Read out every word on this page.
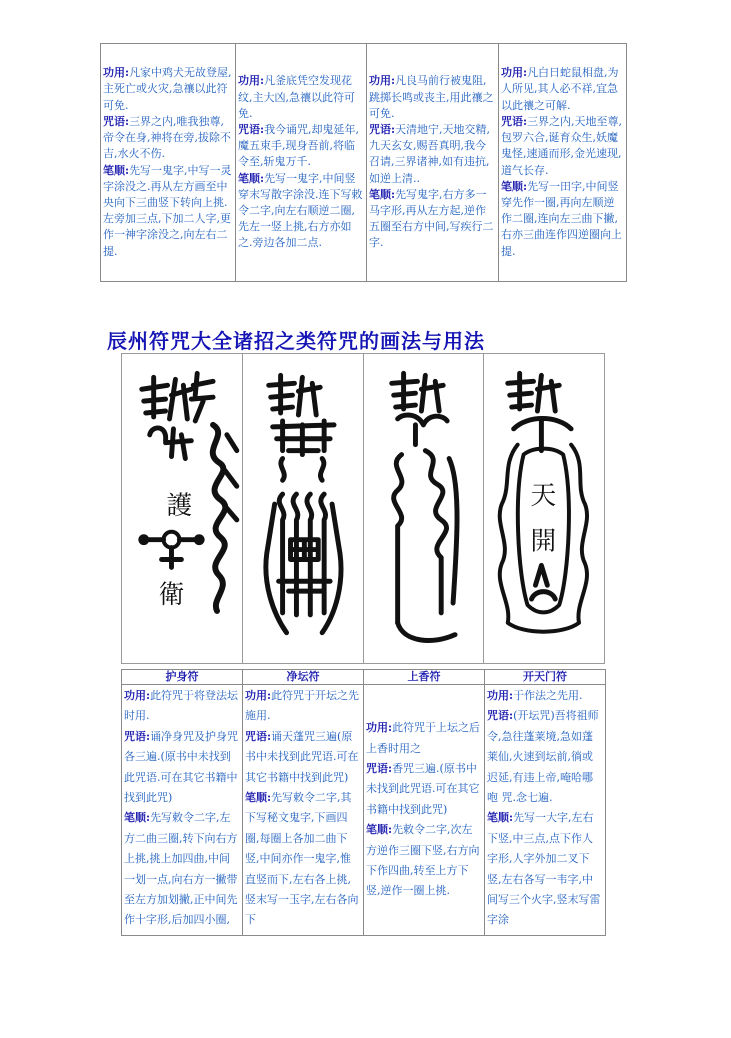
功用:凡家中鸡犬无故登屋,主死亡或火灾,急禳以此符可免.
咒语:三界之内,唯我独尊,帝令在身,神将在旁,拔除不吉,水火不伤.
笔顺:先写一鬼字,中写一灵字涂没之.再从左方画至中央向下三曲竖下转向上挑.左旁加三点,下加二人字,更作一神字涂没之,向左右二提.

功用:凡釜底凭空发现花纹,主大凶,急禳以此符可免.
咒语:我今诵咒,却鬼延年,魔五束手,现身吾前,将临令至,斩鬼万千.
笔顺:先写一鬼字,中间竖穿末写散字涂没.连下写敕令二字,向左右顺逆二圈,先左一竖上挑,右方亦如之.旁边各加二点.

功用:凡良马前行被鬼阻,跳掷长鸣或丧主,用此禳之可免.
咒语:天清地宁,天地交精,九天玄女,赐吾真明,我今召请,三界诸神,如有违抗,如逆上清..
笔顺:先写鬼字,右方多一马字形,再从左方起,逆作五圈至右方中间,写疾行二字.

功用:凡白日蛇鼠相盘,为人所见,其人必不祥,宜急以此禳之可解.
咒语:三界之内,天地至尊,包罗六合,诞育众生,妖魔鬼怪,速通而形,金光速现,道气长存.
笔顺:先写一田字,中间竖穿先作一圈,再向左顺逆作二圈,连向左三曲下撇,右亦三曲连作四逆圈向上提.
辰州符咒大全诸招之类符咒的画法与用法
護
衛
天
開
护身符	净坛符	上香符	开天门符

功用:此符咒于将登法坛时用.
咒语:诵净身咒及护身咒各三遍.(原书中未找到此咒语.可在其它书籍中找到此咒)
笔顺:先写敕令二字,左方二曲三圈,转下向右方上挑,挑上加四曲,中间一划一点,向右方一撇带至左方加划撇,正中间先作十字形,后加四小圈,	功用:此符咒于开坛之先施用.
咒语:诵天蓬咒三遍(原书中未找到此咒语.可在其它书籍中找到此咒)
笔顺:先写敕令二字,其下写秘文鬼字,下画四圈,每圈上各加二曲下竖,中间亦作一鬼字,惟直竖而下,左右各上挑,竖末写一玉字,左右各向下	功用:此符咒于上坛之后上香时用之
咒语:香咒三遍.(原书中未找到此咒语.可在其它书籍中找到此咒)
笔顺:先敕令二字,次左方逆作三圈下竖,右方向下作四曲,转至上方下竖,逆作一圈上挑.	功用:于作法之先用.
咒语:(开坛咒)吾将祖师令,急往蓬莱境,急如蓬莱仙,火速到坛前,徜或迟延,有违上帝,唵哈哪咆 咒.念七遍.
笔顺:先写一大字,左右下竖,中三点,点下作人字形,人字外加二叉下竖,左右各写一韦字,中间写三个火字,竖末写雷字涂
